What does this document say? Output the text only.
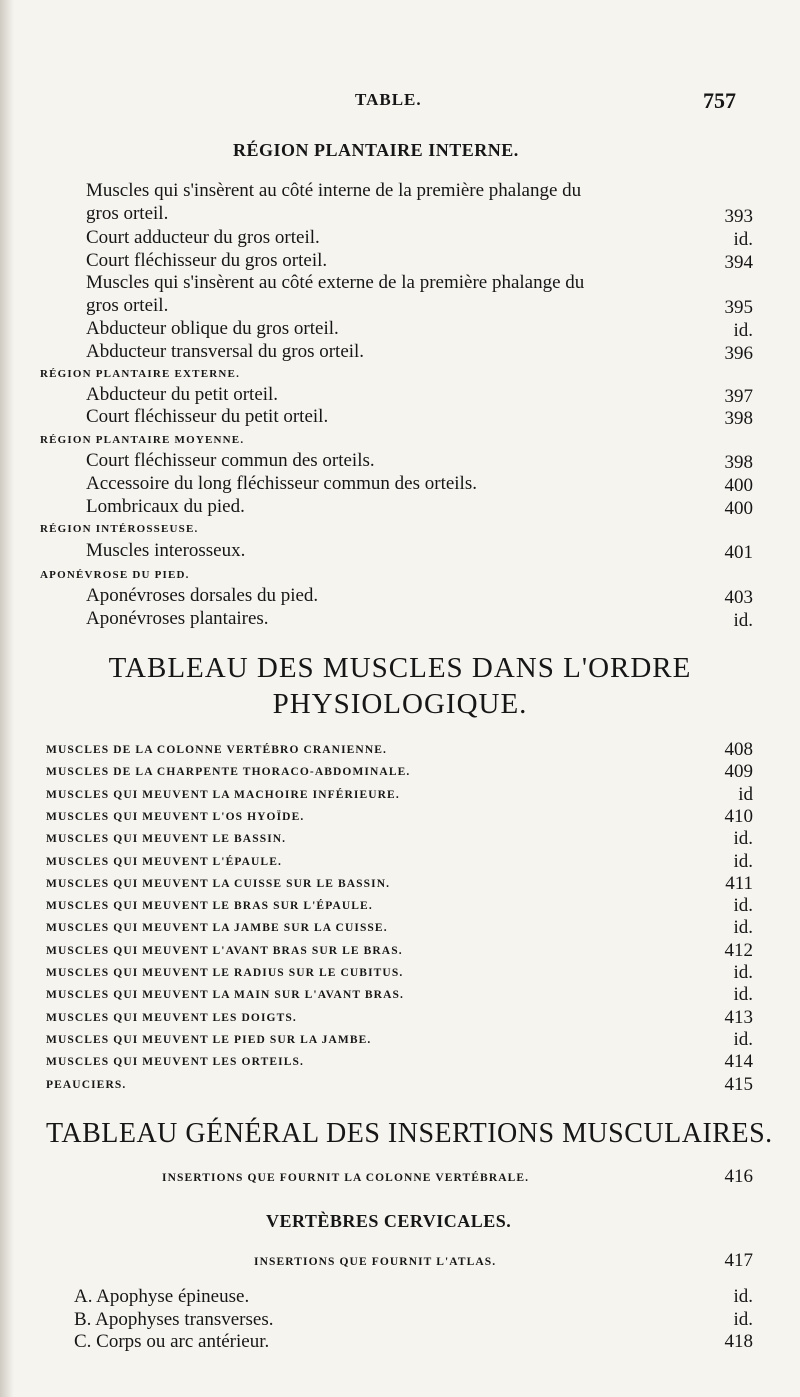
TABLE.	757
RÉGION PLANTAIRE INTERNE.
Muscles qui s'insèrent au côté interne de la première phalange du
gros orteil.	393
Court adducteur du gros orteil.	id.
Court fléchisseur du gros orteil.	394
Muscles qui s'insèrent au côté externe de la première phalange du
gros orteil.	395
Abducteur oblique du gros orteil.	id.
Abducteur transversal du gros orteil.	396
RÉGION PLANTAIRE EXTERNE.
Abducteur du petit orteil.	397
Court fléchisseur du petit orteil.	398
RÉGION PLANTAIRE MOYENNE.
Court fléchisseur commun des orteils.	398
Accessoire du long fléchisseur commun des orteils.	400
Lombricaux du pied.	400
RÉGION INTÉROSSEUSE.
Muscles interosseux.	401
APONÉVROSE DU PIED.
Aponévroses dorsales du pied.	403
Aponévroses plantaires.	id.
TABLEAU DES MUSCLES DANS L'ORDRE
PHYSIOLOGIQUE.
MUSCLES DE LA COLONNE VERTÉBRO CRANIENNE.	408
MUSCLES DE LA CHARPENTE THORACO-ABDOMINALE.	409
MUSCLES QUI MEUVENT LA MACHOIRE INFÉRIEURE.	id
MUSCLES QUI MEUVENT L'OS HYOÏDE.	410
MUSCLES QUI MEUVENT LE BASSIN.	id.
MUSCLES QUI MEUVENT L'ÉPAULE.	id.
MUSCLES QUI MEUVENT LA CUISSE SUR LE BASSIN.	411
MUSCLES QUI MEUVENT LE BRAS SUR L'ÉPAULE.	id.
MUSCLES QUI MEUVENT LA JAMBE SUR LA CUISSE.	id.
MUSCLES QUI MEUVENT L'AVANT BRAS SUR LE BRAS.	412
MUSCLES QUI MEUVENT LE RADIUS SUR LE CUBITUS.	id.
MUSCLES QUI MEUVENT LA MAIN SUR L'AVANT BRAS.	id.
MUSCLES QUI MEUVENT LES DOIGTS.	413
MUSCLES QUI MEUVENT LE PIED SUR LA JAMBE.	id.
MUSCLES QUI MEUVENT LES ORTEILS.	414
PEAUCIERS.	415
TABLEAU GÉNÉRAL DES INSERTIONS MUSCULAIRES.
INSERTIONS QUE FOURNIT LA COLONNE VERTÉBRALE.	416
VERTÈBRES CERVICALES.
INSERTIONS QUE FOURNIT L'ATLAS.	417
A. Apophyse épineuse.	id.
B. Apophyses transverses.	id.
C. Corps ou arc antérieur.	418
